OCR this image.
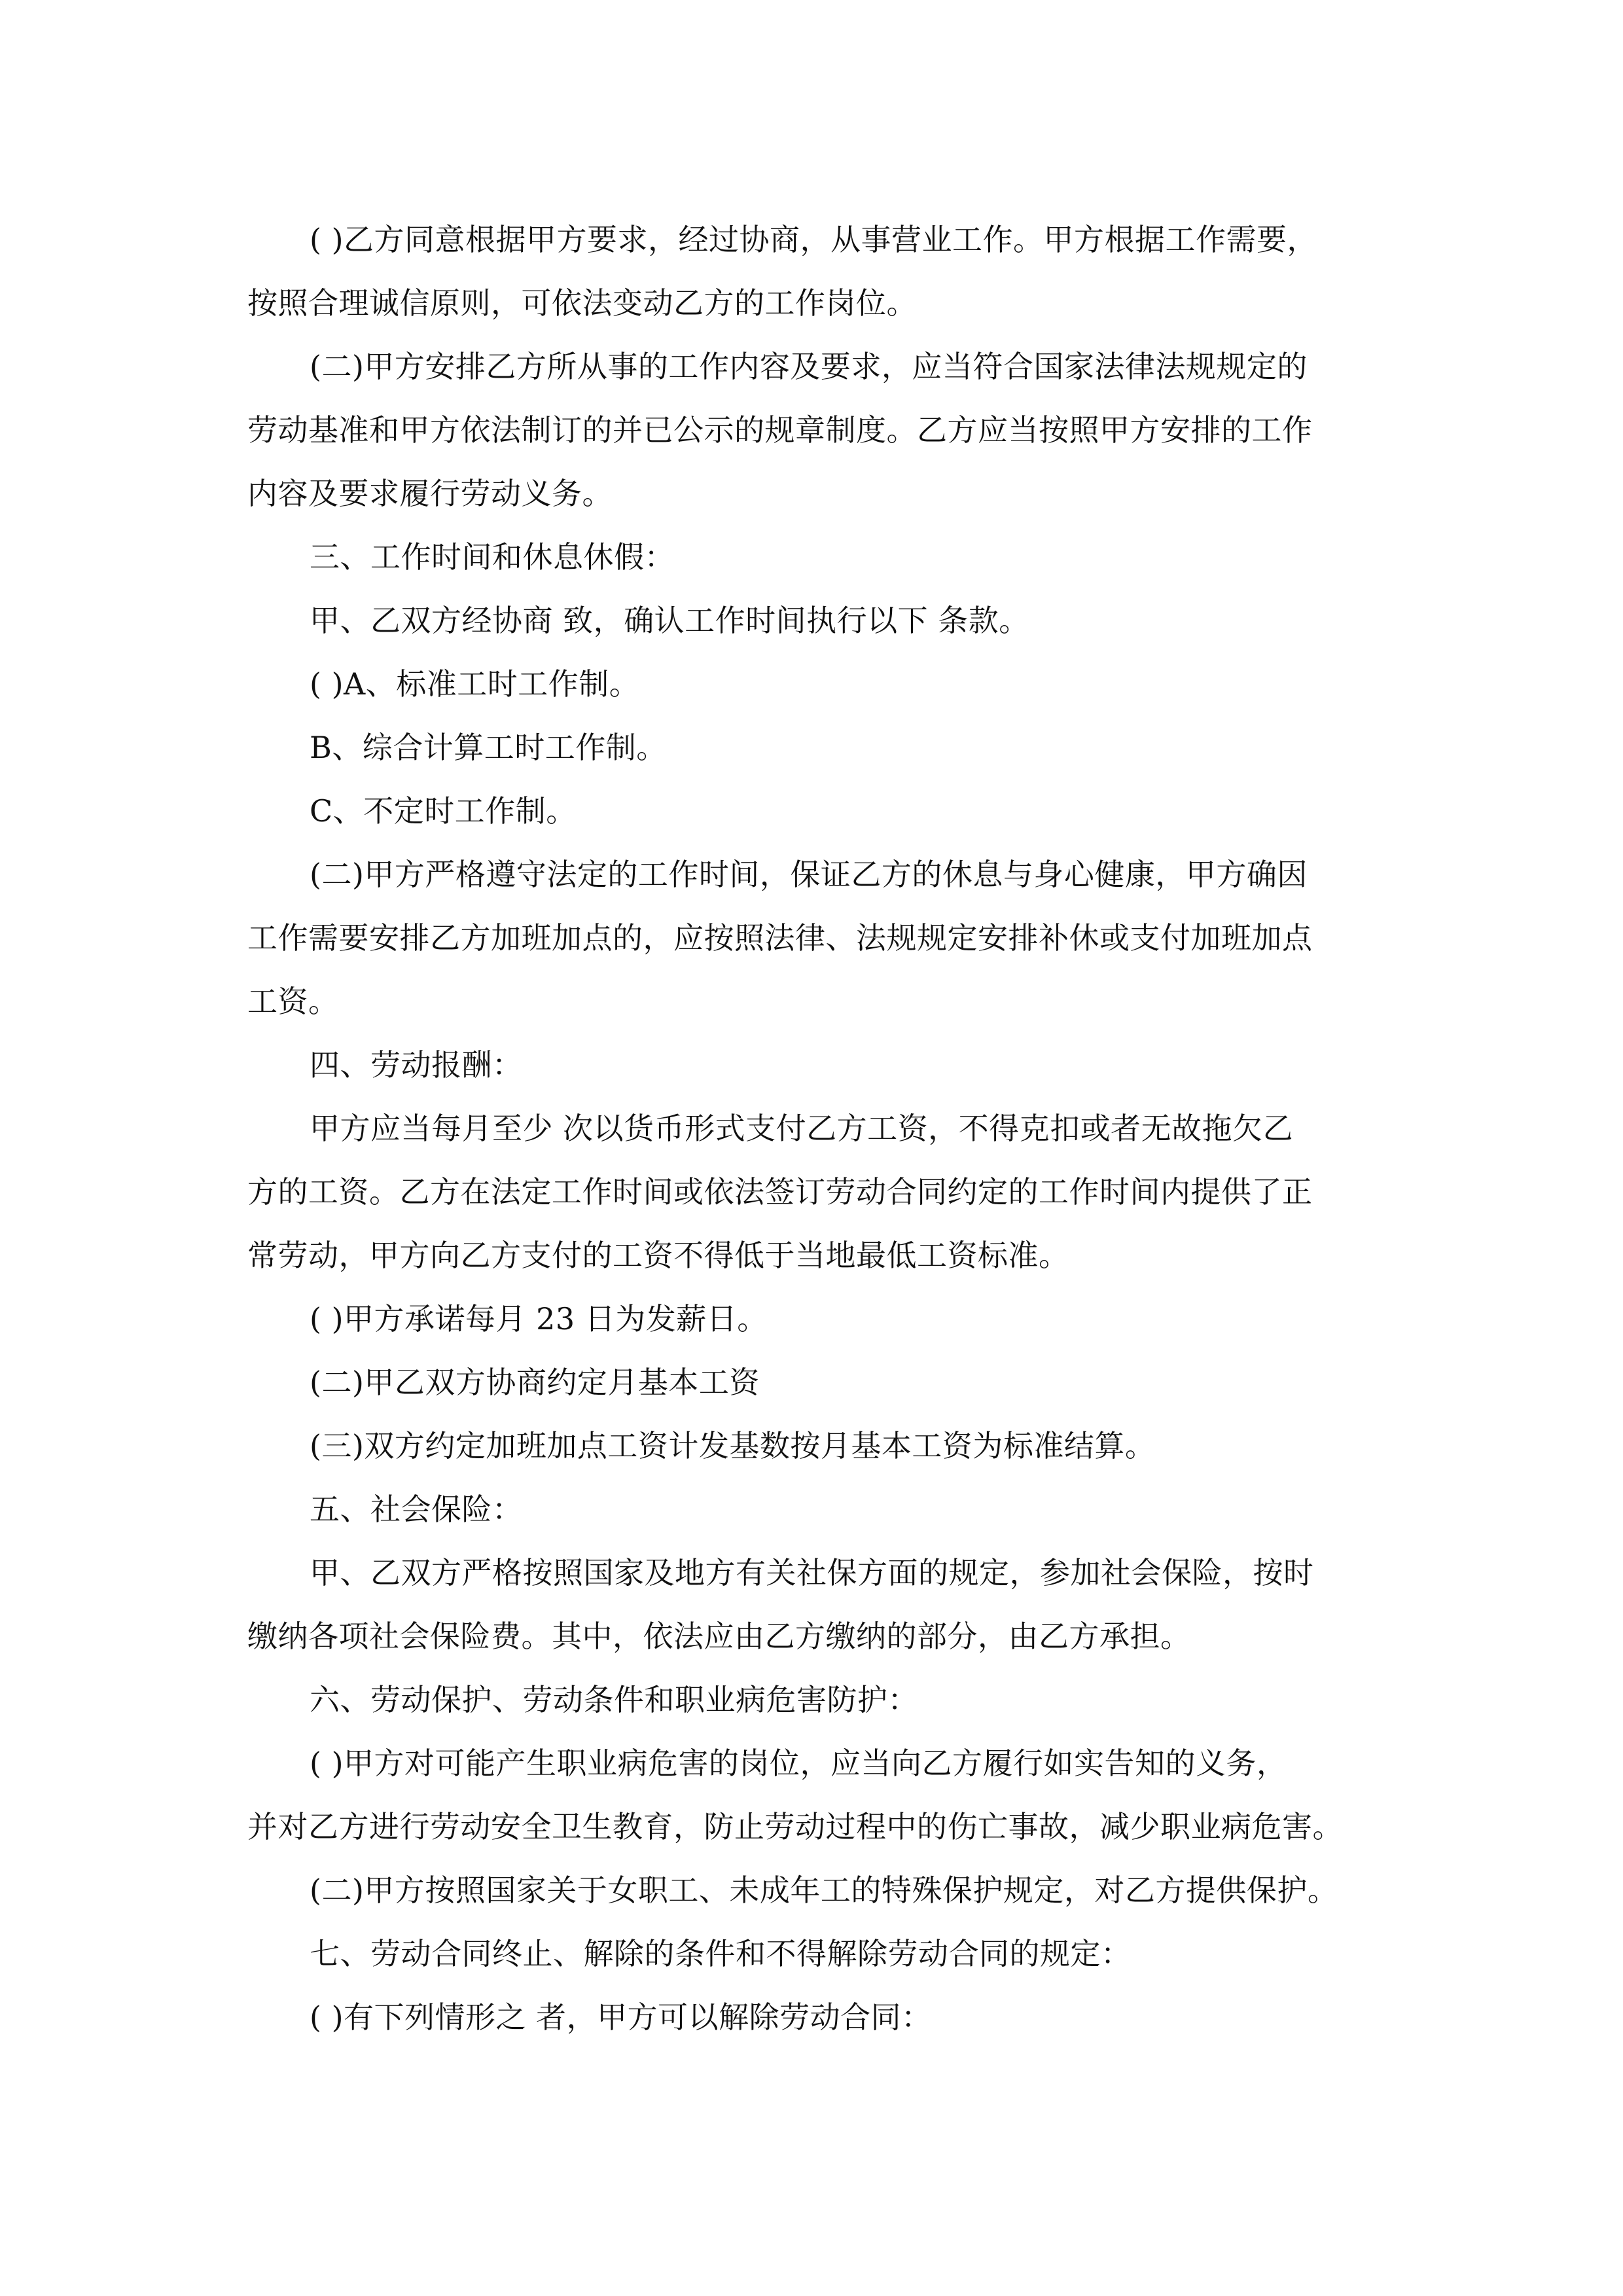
( )乙方同意根据甲方要求，经过协商，从事营业工作。甲方根据工作需要，
按照合理诚信原则，可依法变动乙方的工作岗位。
(二)甲方安排乙方所从事的工作内容及要求，应当符合国家法律法规规定的
劳动基准和甲方依法制订的并已公示的规章制度。乙方应当按照甲方安排的工作
内容及要求履行劳动义务。
三、工作时间和休息休假：
甲、乙双方经协商 致，确认工作时间执行以下 条款。
( )A、标准工时工作制。
B、综合计算工时工作制。
C、不定时工作制。
(二)甲方严格遵守法定的工作时间，保证乙方的休息与身心健康，甲方确因
工作需要安排乙方加班加点的，应按照法律、法规规定安排补休或支付加班加点
工资。
四、劳动报酬：
甲方应当每月至少 次以货币形式支付乙方工资，不得克扣或者无故拖欠乙
方的工资。乙方在法定工作时间或依法签订劳动合同约定的工作时间内提供了正
常劳动，甲方向乙方支付的工资不得低于当地最低工资标准。
( )甲方承诺每月 23 日为发薪日。
(二)甲乙双方协商约定月基本工资
(三)双方约定加班加点工资计发基数按月基本工资为标准结算。
五、社会保险：
甲、乙双方严格按照国家及地方有关社保方面的规定，参加社会保险，按时
缴纳各项社会保险费。其中，依法应由乙方缴纳的部分，由乙方承担。
六、劳动保护、劳动条件和职业病危害防护：
( )甲方对可能产生职业病危害的岗位，应当向乙方履行如实告知的义务，
并对乙方进行劳动安全卫生教育，防止劳动过程中的伤亡事故，减少职业病危害。
(二)甲方按照国家关于女职工、未成年工的特殊保护规定，对乙方提供保护。
七、劳动合同终止、解除的条件和不得解除劳动合同的规定：
( )有下列情形之 者，甲方可以解除劳动合同：
